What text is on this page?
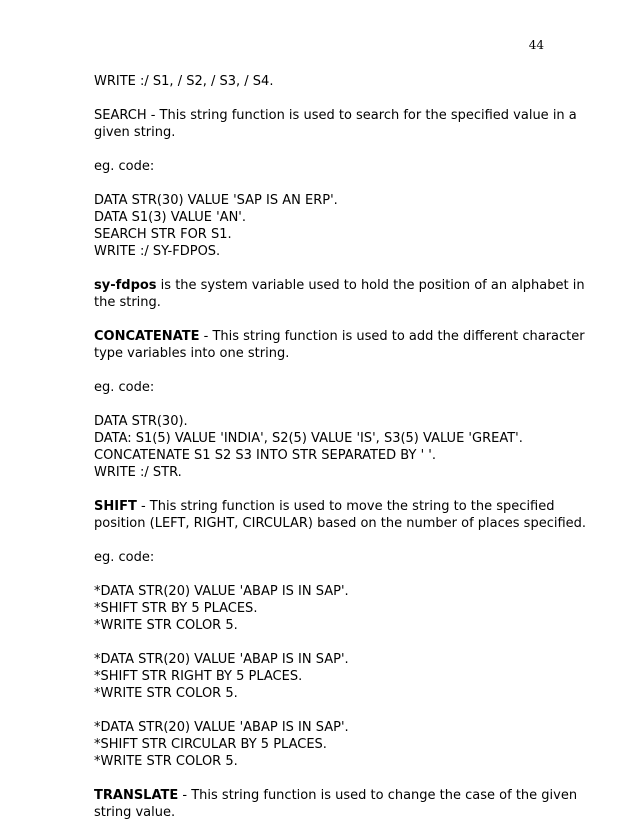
44
WRITE :/ S1, / S2, / S3, / S4.
SEARCH - This string function is used to search for the specified value in a
given string.
eg. code:
DATA STR(30) VALUE 'SAP IS AN ERP'.
DATA S1(3) VALUE 'AN'.
SEARCH STR FOR S1.
WRITE :/ SY-FDPOS.
sy-fdpos is the system variable used to hold the position of an alphabet in
the string.
CONCATENATE - This string function is used to add the different character
type variables into one string.
eg. code:
DATA STR(30).
DATA: S1(5) VALUE 'INDIA', S2(5) VALUE 'IS', S3(5) VALUE 'GREAT'.
CONCATENATE S1 S2 S3 INTO STR SEPARATED BY ' '.
WRITE :/ STR.
SHIFT - This string function is used to move the string to the specified
position (LEFT, RIGHT, CIRCULAR) based on the number of places specified.
eg. code:
*DATA STR(20) VALUE 'ABAP IS IN SAP'.
*SHIFT STR BY 5 PLACES.
*WRITE STR COLOR 5.
*DATA STR(20) VALUE 'ABAP IS IN SAP'.
*SHIFT STR RIGHT BY 5 PLACES.
*WRITE STR COLOR 5.
*DATA STR(20) VALUE 'ABAP IS IN SAP'.
*SHIFT STR CIRCULAR BY 5 PLACES.
*WRITE STR COLOR 5.
TRANSLATE - This string function is used to change the case of the given
string value.
